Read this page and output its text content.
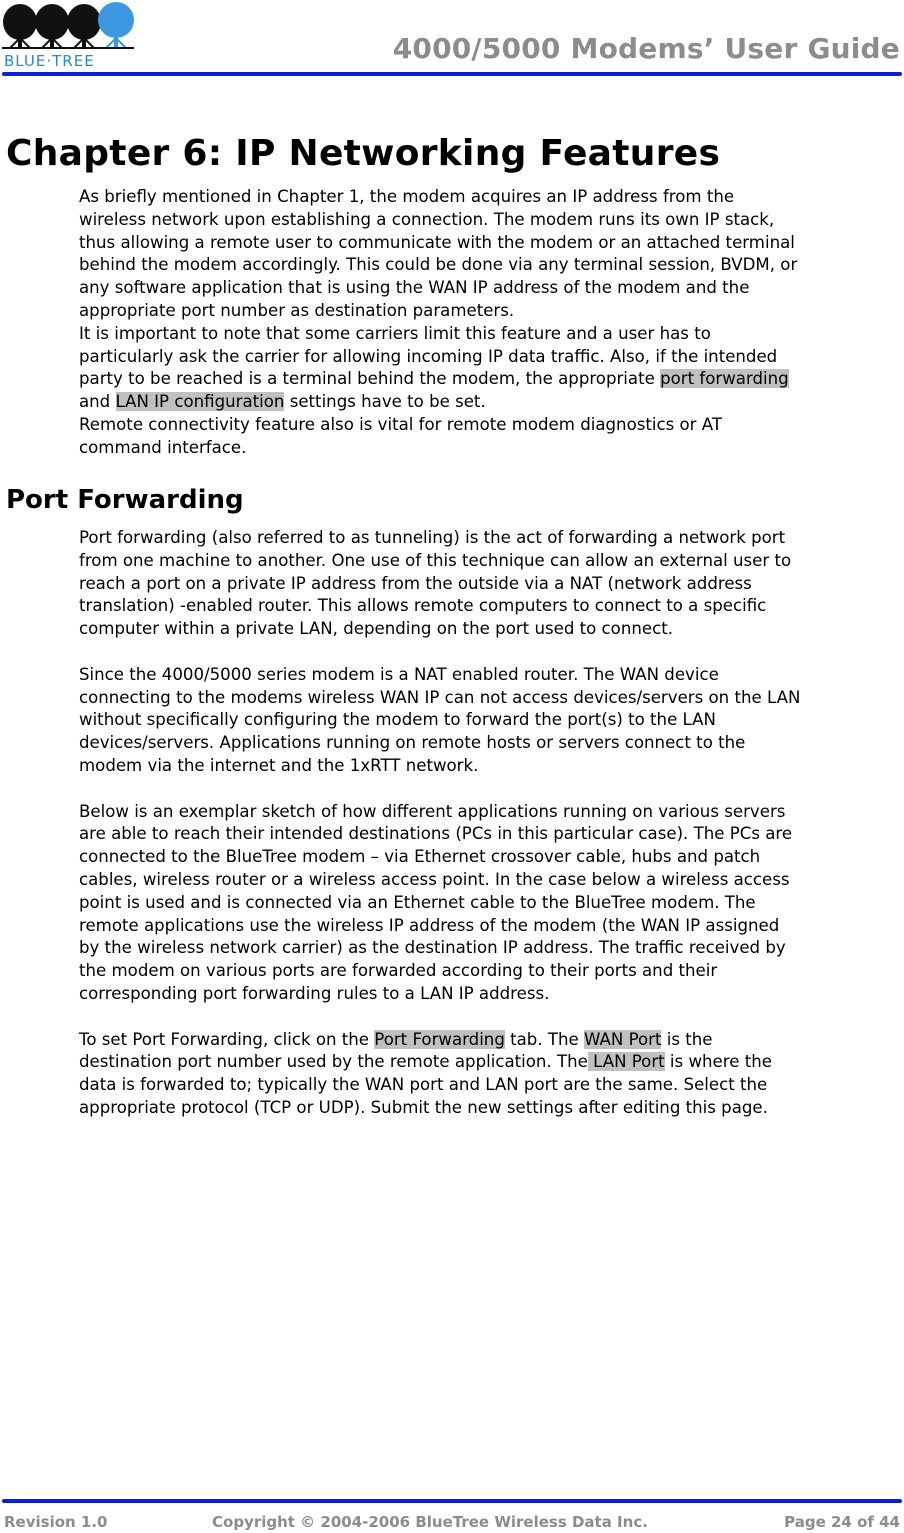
BLUE·TREE	4000/5000 Modems’ User Guide
Chapter 6: IP Networking Features

As briefly mentioned in Chapter 1, the modem acquires an IP address from the

wireless network upon establishing a connection. The modem runs its own IP stack,

thus allowing a remote user to communicate with the modem or an attached terminal

behind the modem accordingly. This could be done via any terminal session, BVDM, or

any software application that is using the WAN IP address of the modem and the

appropriate port number as destination parameters.

It is important to note that some carriers limit this feature and a user has to

particularly ask the carrier for allowing incoming IP data traffic. Also, if the intended

party to be reached is a terminal behind the modem, the appropriate port forwarding

and LAN IP configuration settings have to be set.

Remote connectivity feature also is vital for remote modem diagnostics or AT

command interface.

Port Forwarding

Port forwarding (also referred to as tunneling) is the act of forwarding a network port

from one machine to another. One use of this technique can allow an external user to

reach a port on a private IP address from the outside via a NAT (network address

translation) -enabled router. This allows remote computers to connect to a specific

computer within a private LAN, depending on the port used to connect.

Since the 4000/5000 series modem is a NAT enabled router. The WAN device

connecting to the modems wireless WAN IP can not access devices/servers on the LAN

without specifically configuring the modem to forward the port(s) to the LAN

devices/servers. Applications running on remote hosts or servers connect to the

modem via the internet and the 1xRTT network.

Below is an exemplar sketch of how different applications running on various servers

are able to reach their intended destinations (PCs in this particular case). The PCs are

connected to the BlueTree modem – via Ethernet crossover cable, hubs and patch

cables, wireless router or a wireless access point. In the case below a wireless access

point is used and is connected via an Ethernet cable to the BlueTree modem. The

remote applications use the wireless IP address of the modem (the WAN IP assigned

by the wireless network carrier) as the destination IP address. The traffic received by

the modem on various ports are forwarded according to their ports and their

corresponding port forwarding rules to a LAN IP address.

To set Port Forwarding, click on the Port Forwarding tab. The WAN Port is the

destination port number used by the remote application. The LAN Port is where the

data is forwarded to; typically the WAN port and LAN port are the same. Select the

appropriate protocol (TCP or UDP). Submit the new settings after editing this page.

Revision 1.0	Copyright © 2004-2006 BlueTree Wireless Data Inc.	Page 24 of 44
